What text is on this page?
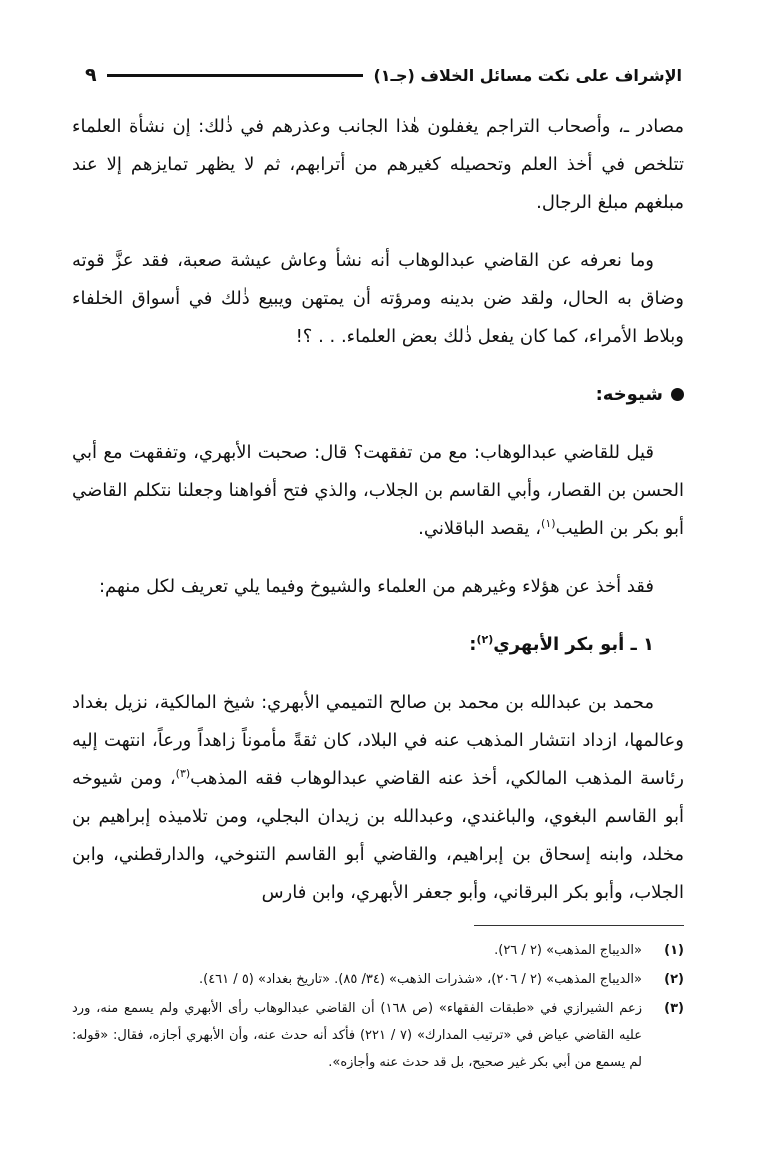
الإشراف على نكت مسائل الخلاف (جـ١)
٩

مصادر ـ، وأصحاب التراجم يغفلون هٰذا الجانب وعذرهم في ذٰلك: إن نشأة العلماء تتلخص في أخذ العلم وتحصيله كغيرهم من أترابهم، ثم لا يظهر تمايزهم إلا عند مبلغهم مبلغ الرجال.

وما نعرفه عن القاضي عبدالوهاب أنه نشأ وعاش عيشة صعبة، فقد عزَّ قوته وضاق به الحال، ولقد ضن بدينه ومرؤته أن يمتهن ويبيع ذٰلك في أسواق الخلفاء وبلاط الأمراء، كما كان يفعل ذٰلك بعض العلماء. . . ؟!

شيوخه:

قيل للقاضي عبدالوهاب: مع من تفقهت؟ قال: صحبت الأبهري، وتفقهت مع أبي الحسن بن القصار، وأبي القاسم بن الجلاب، والذي فتح أفواهنا وجعلنا نتكلم القاضي أبو بكر بن الطيب$^{(١)}$، يقصد الباقلاني.

فقد أخذ عن هؤلاء وغيرهم من العلماء والشيوخ وفيما يلي تعريف لكل منهم:

١ ـ أبو بكر الأبهري$^{(٢)}$:

محمد بن عبدالله بن محمد بن صالح التميمي الأبهري: شيخ المالكية، نزيل بغداد وعالمها، ازداد انتشار المذهب عنه في البلاد، كان ثقةً مأموناً زاهداً ورعاً، انتهت إليه رئاسة المذهب المالكي، أخذ عنه القاضي عبدالوهاب فقه المذهب$^{(٣)}$، ومن شيوخه أبو القاسم البغوي، والباغندي، وعبدالله بن زيدان البجلي، ومن تلاميذه إبراهيم بن مخلد، وابنه إسحاق بن إبراهيم، والقاضي أبو القاسم التنوخي، والدارقطني، وابن الجلاب، وأبو بكر البرقاني، وأبو جعفر الأبهري، وابن فارس

(١)
«الديباج المذهب» (٢ / ٢٦).
(٢)
«الديباج المذهب» (٢ / ٢٠٦)، «شذرات الذهب» (٣٤/ ٨٥). «تاريخ بغداد» (٥ / ٤٦١).
(٣)
زعم الشيرازي في «طبقات الفقهاء» (ص ١٦٨) أن القاضي عبدالوهاب رأى الأبهري ولم يسمع منه، ورد عليه القاضي عياض في «ترتيب المدارك» (٧ / ٢٢١) فأكد أنه حدث عنه، وأن الأبهري أجازه، فقال: «قوله: لم يسمع من أبي بكر غير صحيح، بل قد حدث عنه وأجازه».
